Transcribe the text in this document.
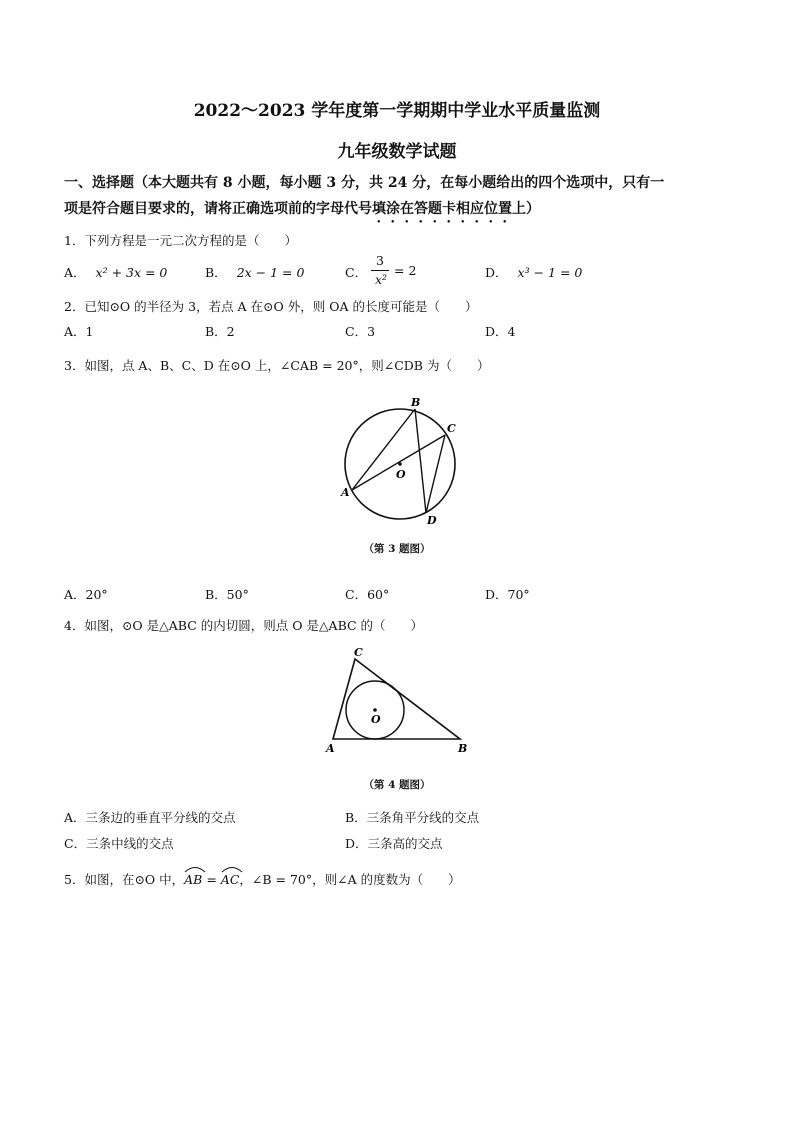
2022～2023 学年度第一学期期中学业水平质量监测
九年级数学试题
一、选择题（本大题共有 8 小题，每小题 3 分，共 24 分，在每小题给出的四个选项中，只有一
项是符合题目要求的，请将正确选项前的字母代号填涂在答题卡相应位置上）
1．下列方程是一元二次方程的是（　　）
A． x² + 3x = 0	B． 2x − 1 = 0	C．
3
x²
= 2	D． x³ − 1 = 0
2．已知⊙O 的半径为 3，若点 A 在⊙O 外，则 OA 的长度可能是（　　）
A．1	B．2	C．3	D．4
3．如图，点 A、B、C、D 在⊙O 上，∠CAB = 20°，则∠CDB 为（　　）
B
C
A
D
O
（第 3 题图）
A．20°	B．50°	C．60°	D．70°
4．如图，⊙O 是△ABC 的内切圆，则点 O 是△ABC 的（　　）
C
A	B
O
（第 4 题图）
A．三条边的垂直平分线的交点	B．三条角平分线的交点
C．三条中线的交点	D．三条高的交点
5．如图，在⊙O 中，
AB =
AC，∠B = 70°，则∠A 的度数为（　　）
